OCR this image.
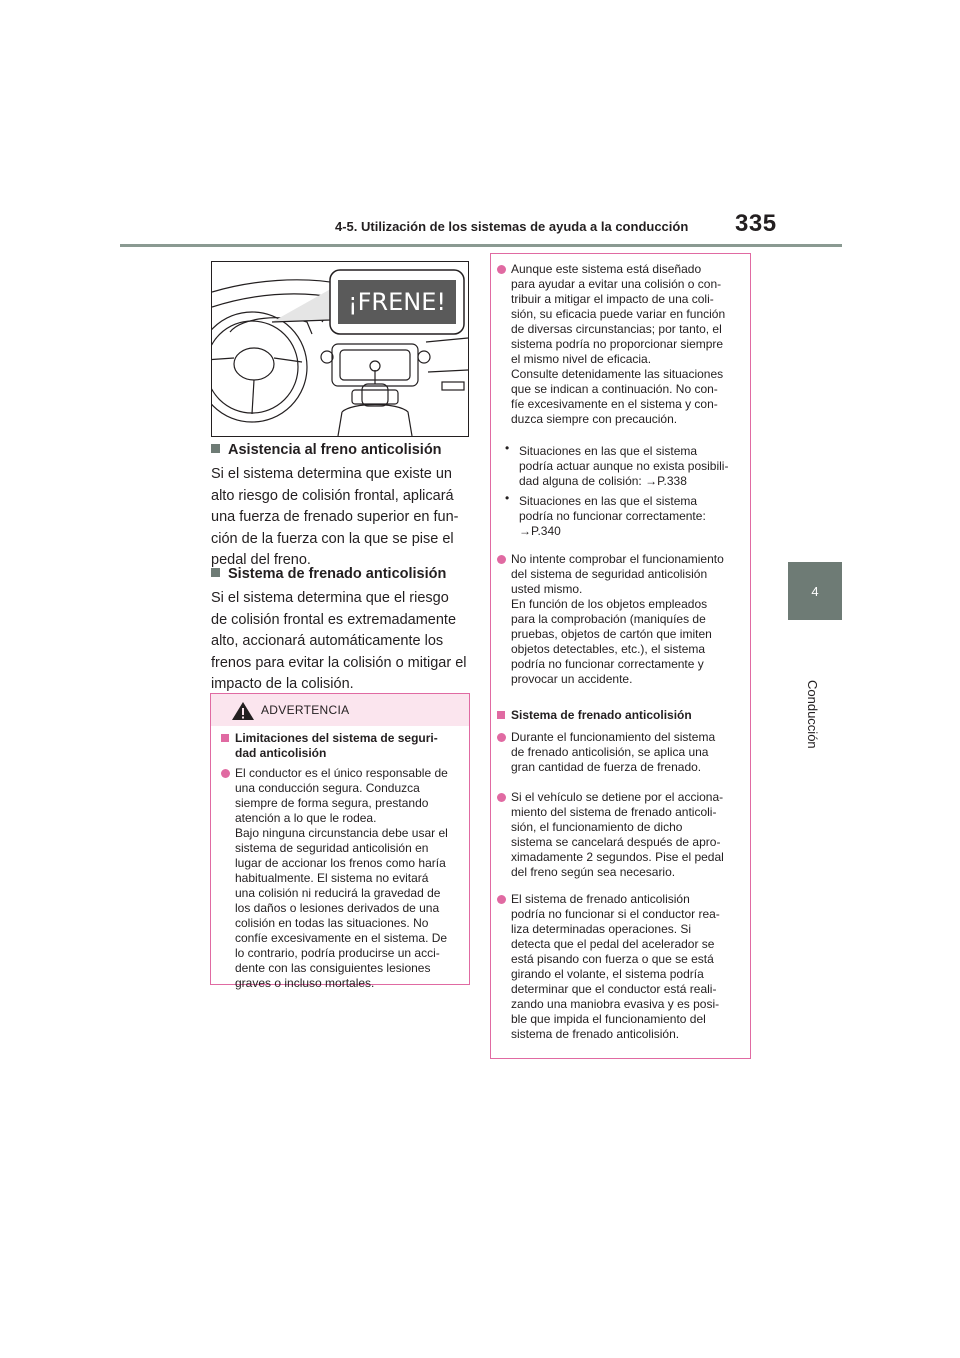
4-5. Utilización de los sistemas de ayuda a la conducción	335
4
Conducción
¡FRENE!
Asistencia al freno anticolisión
Si el sistema determina que existe un
alto riesgo de colisión frontal, aplicará
una fuerza de frenado superior en fun-
ción de la fuerza con la que se pise el
pedal del freno.
Sistema de frenado anticolisión
Si el sistema determina que el riesgo
de colisión frontal es extremadamente
alto, accionará automáticamente los
frenos para evitar la colisión o mitigar el
impacto de la colisión.
ADVERTENCIA
Limitaciones del sistema de seguri-
dad anticolisión
El conductor es el único responsable de
una conducción segura. Conduzca
siempre de forma segura, prestando
atención a lo que le rodea.
Bajo ninguna circunstancia debe usar el
sistema de seguridad anticolisión en
lugar de accionar los frenos como haría
habitualmente. El sistema no evitará
una colisión ni reducirá la gravedad de
los daños o lesiones derivados de una
colisión en todas las situaciones. No
confíe excesivamente en el sistema. De
lo contrario, podría producirse un acci-
dente con las consiguientes lesiones
graves o incluso mortales.
Aunque este sistema está diseñado
para ayudar a evitar una colisión o con-
tribuir a mitigar el impacto de una coli-
sión, su eficacia puede variar en función
de diversas circunstancias; por tanto, el
sistema podría no proporcionar siempre
el mismo nivel de eficacia.
Consulte detenidamente las situaciones
que se indican a continuación. No con-
fíe excesivamente en el sistema y con-
duzca siempre con precaución.
• Situaciones en las que el sistema
podría actuar aunque no exista posibili-
dad alguna de colisión: →P.338
• Situaciones en las que el sistema
podría no funcionar correctamente:
→P.340
No intente comprobar el funcionamiento
del sistema de seguridad anticolisión
usted mismo.
En función de los objetos empleados
para la comprobación (maniquíes de
pruebas, objetos de cartón que imiten
objetos detectables, etc.), el sistema
podría no funcionar correctamente y
provocar un accidente.
Sistema de frenado anticolisión
Durante el funcionamiento del sistema
de frenado anticolisión, se aplica una
gran cantidad de fuerza de frenado.
Si el vehículo se detiene por el acciona-
miento del sistema de frenado anticoli-
sión, el funcionamiento de dicho
sistema se cancelará después de apro-
ximadamente 2 segundos. Pise el pedal
del freno según sea necesario.
El sistema de frenado anticolisión
podría no funcionar si el conductor rea-
liza determinadas operaciones. Si
detecta que el pedal del acelerador se
está pisando con fuerza o que se está
girando el volante, el sistema podría
determinar que el conductor está reali-
zando una maniobra evasiva y es posi-
ble que impida el funcionamiento del
sistema de frenado anticolisión.
